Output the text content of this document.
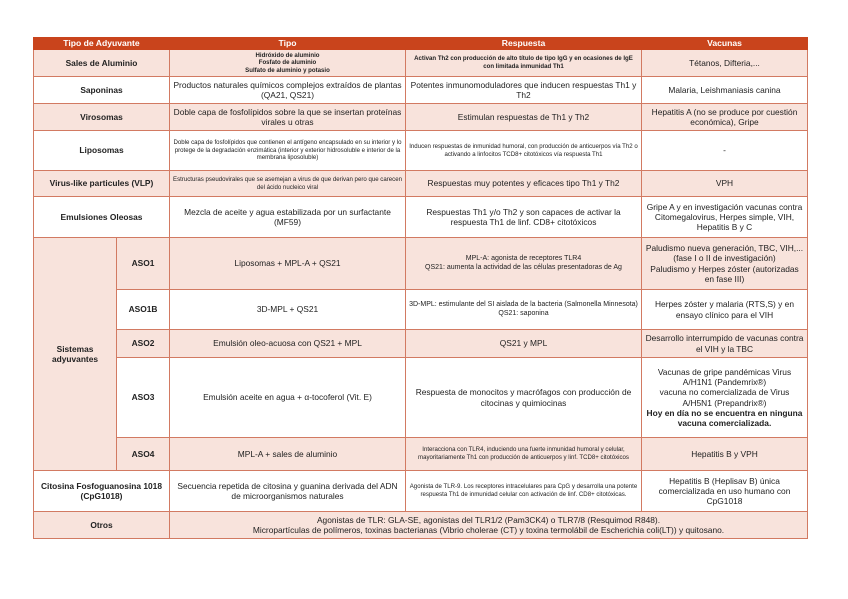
Tipo de Adyuvante		Tipo	Respuesta	Vacunas
Sales de Aluminio		Hidróxido de aluminio
Fosfato de aluminio
Sulfato de aluminio y potasio	Activan Th2 con producción de alto título de tipo IgG y en ocasiones de IgE con limitada inmunidad Th1	Tétanos, Difteria,...
Saponinas		Productos naturales químicos complejos extraídos de plantas (QA21, QS21)	Potentes inmunomoduladores que inducen respuestas Th1 y Th2	Malaria, Leishmaniasis canina
Virosomas		Doble capa de fosfolípidos sobre la que se insertan proteínas virales u otras	Estimulan respuestas de Th1 y Th2	Hepatitis A (no se produce por cuestión económica), Gripe
Liposomas		Doble capa de fosfolípidos que contienen el antígeno encapsulado en su interior y lo protege de la degradación enzimática (interior y exterior hidrosoluble e interior de la membrana liposoluble)	Inducen respuestas de inmunidad humoral, con producción de anticuerpos vía Th2 o activando a linfocitos TCD8+ citotóxicos vía respuesta Th1	-
Virus-like particules (VLP)		Estructuras pseudovirales que se asemejan a virus de que derivan pero que carecen del ácido nucleico viral	Respuestas muy potentes y eficaces tipo Th1 y Th2	VPH
Emulsiones Oleosas		Mezcla de aceite y agua estabilizada por un surfactante (MF59)	Respuestas Th1 y/o Th2 y son capaces de activar la respuesta Th1 de linf. CD8+ citotóxicos	Gripe A y en investigación vacunas contra Citomegalovirus, Herpes simple, VIH, Hepatitis B y C
Sistemas adyuvantes	ASO1	Liposomas + MPL-A + QS21	MPL-A: agonista de receptores TLR4
QS21: aumenta la actividad de las células presentadoras de Ag	Paludismo nueva generación, TBC, VIH,... (fase I o II de investigación)
Paludismo y Herpes zóster (autorizadas en fase III)

	ASO1B	3D-MPL + QS21	3D-MPL: estimulante del SI aislada de la bacteria (Salmonella Minnesota)
QS21: saponina	Herpes zóster y malaria (RTS,S) y en ensayo clínico para el VIH
	ASO2	Emulsión oleo-acuosa con QS21 + MPL	QS21 y MPL	Desarrollo interrumpido de vacunas contra el VIH y la TBC
	ASO3	Emulsión aceite en agua + α-tocoferol (Vit. E)	Respuesta de monocitos y macrófagos con producción de citocinas y quimiocinas	Vacunas de gripe pandémicas Virus A/H1N1 (Pandemrix®)
vacuna no comercializada de Virus A/H5N1 (Prepandrix®)
Hoy en día no se encuentra en ninguna vacuna comercializada.

	ASO4	MPL-A + sales de aluminio	Interacciona con TLR4, induciendo una fuerte inmunidad humoral y celular, mayoritariamente Th1 con producción de anticuerpos y linf. TCD8+ citotóxicos	Hepatitis B y VPH
Citosina Fosfoguanosina 1018 (CpG1018)		Secuencia repetida de citosina y guanina derivada del ADN de microorganismos naturales	Agonista de TLR-9. Los receptores intracelulares para CpG y desarrolla una potente respuesta Th1 de inmunidad celular con activación de linf. CD8+ citotóxicas.	Hepatitis B (Heplisav B) única comercializada en uso humano con CpG1018
Otros		Agonistas de TLR: GLA-SE, agonistas del TLR1/2 (Pam3CK4) o TLR7/8 (Resquimod R848).
Micropartículas de polímeros, toxinas bacterianas (Vibrio cholerae (CT) y toxina termolábil de Escherichia coli(LT)) y quitosano.		
